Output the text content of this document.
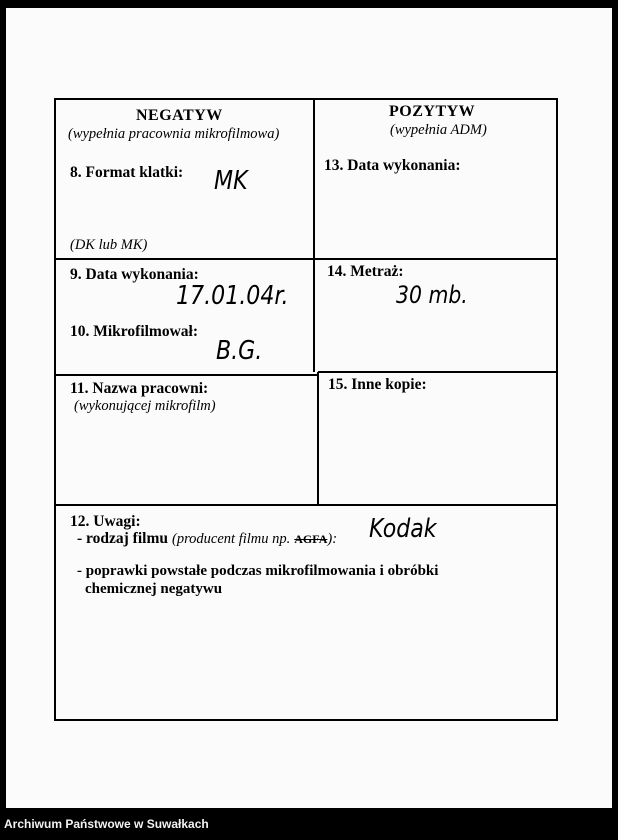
NEGATYW
(wypełnia pracownia mikrofilmowa)
8. Format klatki: MK
(DK lub MK)
9. Data wykonania:
17.01.04r.
10. Mikrofilmował:
B.G.
11. Nazwa pracowni:
(wykonującej mikrofilm)
POZYTYW
(wypełnia ADM)
13. Data wykonania:
14. Metraż:
30 mb.
15. Inne kopie:
12. Uwagi:
- rodzaj filmu (producent filmu np. AGFA): Kodak
- poprawki powstałe podczas mikrofilmowania i obróbki
chemicznej negatywu
Archiwum Państwowe w Suwałkach
